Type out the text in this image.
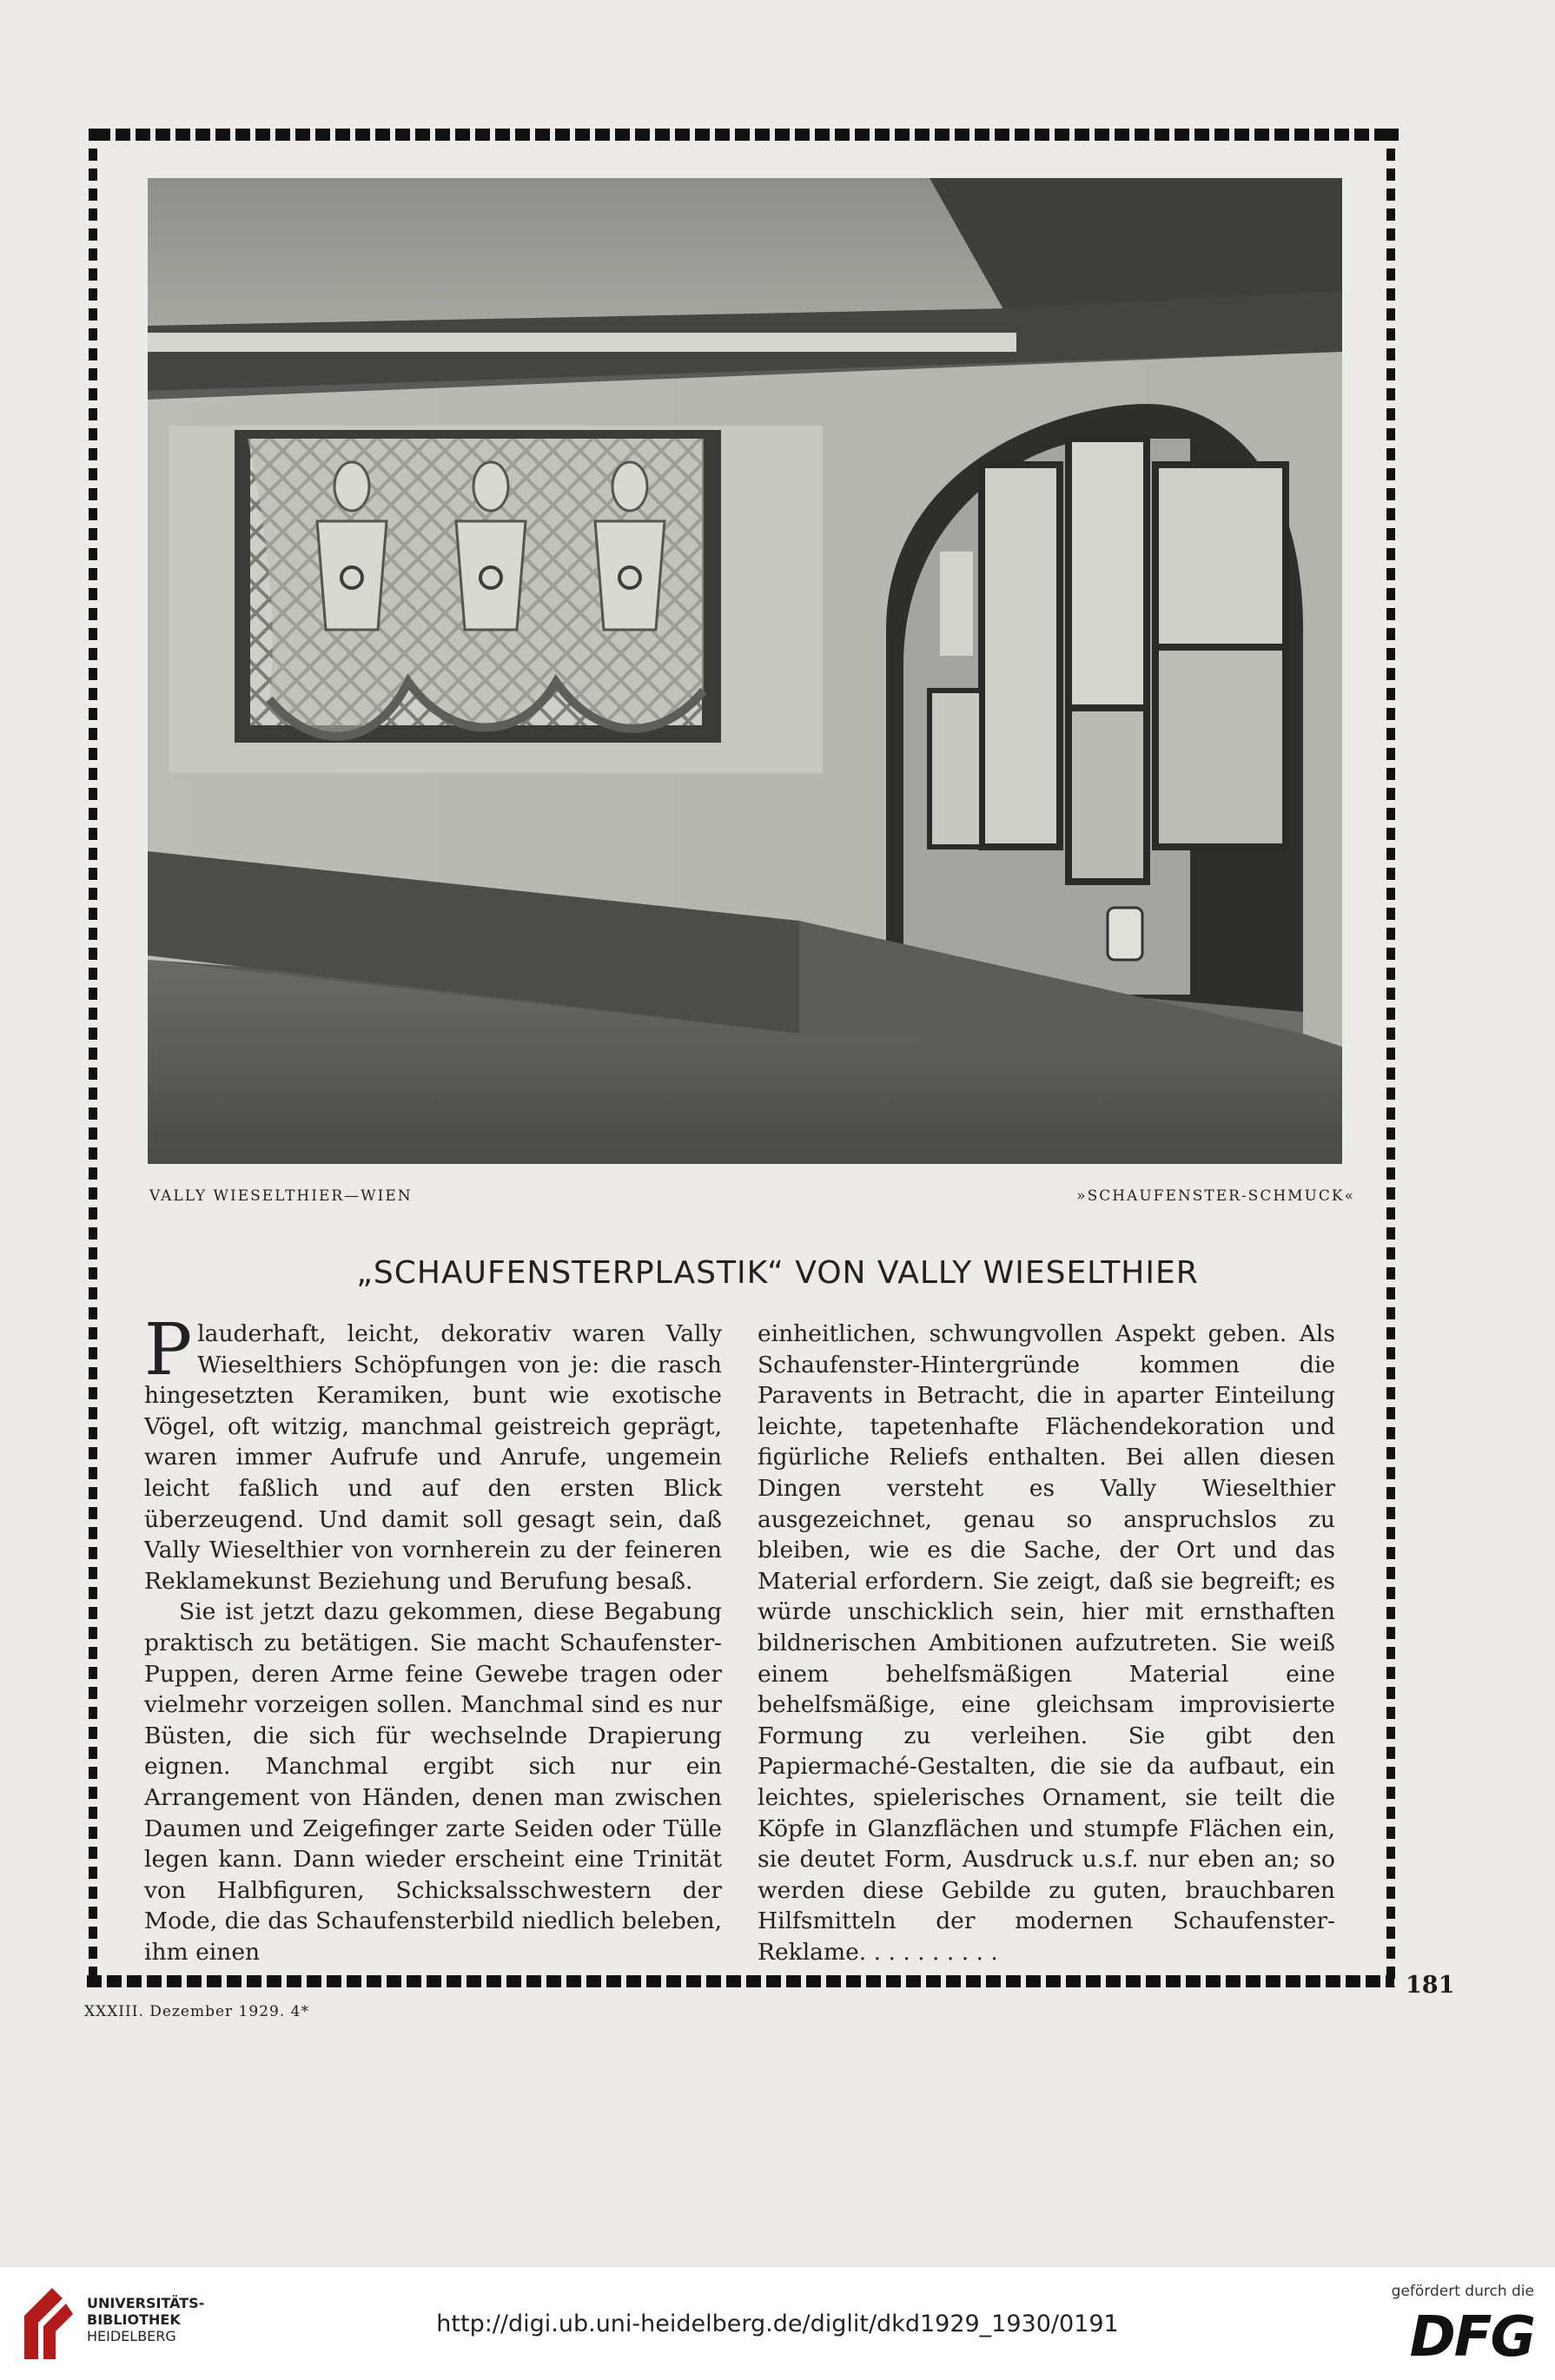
VALLY WIESELTHIER—WIEN	»SCHAUFENSTER-SCHMUCK«
„SCHAUFENSTERPLASTIK“ VON VALLY WIESELTHIER

Plauderhaft, leicht, dekorativ waren Vally Wieselthiers Schöpfungen von je: die rasch hingesetzten Keramiken, bunt wie exotische Vögel, oft witzig, manchmal geistreich geprägt, waren immer Aufrufe und Anrufe, ungemein leicht faßlich und auf den ersten Blick überzeugend. Und damit soll gesagt sein, daß Vally Wieselthier von vornherein zu der feineren Reklamekunst Beziehung und Berufung besaß.

Sie ist jetzt dazu gekommen, diese Begabung praktisch zu betätigen. Sie macht Schaufenster-Puppen, deren Arme feine Gewebe tragen oder vielmehr vorzeigen sollen. Manchmal sind es nur Büsten, die sich für wechselnde Drapierung eignen. Manchmal ergibt sich nur ein Arrangement von Händen, denen man zwischen Daumen und Zeigefinger zarte Seiden oder Tülle legen kann. Dann wieder erscheint eine Trinität von Halbfiguren, Schicksalsschwestern der Mode, die das Schaufensterbild niedlich beleben, ihm einen

einheitlichen, schwungvollen Aspekt geben. Als Schaufenster-Hintergründe kommen die Paravents in Betracht, die in aparter Einteilung leichte, tapetenhafte Flächendekoration und figürliche Reliefs enthalten. Bei allen diesen Dingen versteht es Vally Wieselthier ausgezeichnet, genau so anspruchslos zu bleiben, wie es die Sache, der Ort und das Material erfordern. Sie zeigt, daß sie begreift; es würde unschicklich sein, hier mit ernsthaften bildnerischen Ambitionen aufzutreten. Sie weiß einem behelfsmäßigen Material eine behelfsmäßige, eine gleichsam improvisierte Formung zu verleihen. Sie gibt den Papiermaché-Gestalten, die sie da aufbaut, ein leichtes, spielerisches Ornament, sie teilt die Köpfe in Glanzflächen und stumpfe Flächen ein, sie deutet Form, Ausdruck u.s.f. nur eben an; so werden diese Gebilde zu guten, brauchbaren Hilfsmitteln der modernen Schaufenster-Reklame. . . . . . . . . .

181
XXXIII. Dezember 1929. 4*
UNIVERSITÄTS-
BIBLIOTHEK
HEIDELBERG	http://digi.ub.uni-heidelberg.de/diglit/dkd1929_1930/0191
gefördert durch die
DFG
